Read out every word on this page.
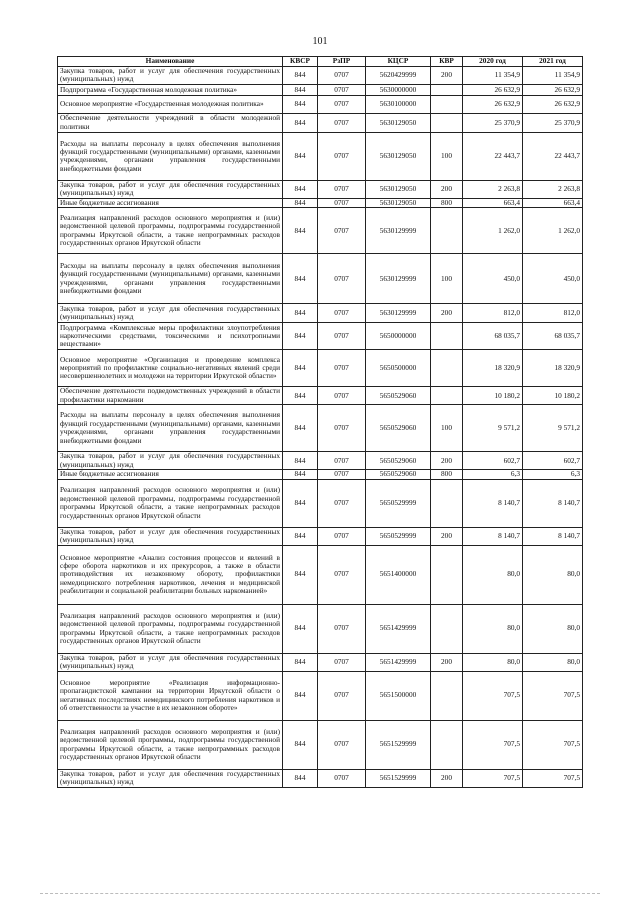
101
Наименование	КВСР	РзПР	КЦСР	КВР	2020 год	2021 год
Закупка товаров, работ и услуг для обеспечения государственных (муниципальных) нужд	844	0707	5620429999	200	11 354,9	11 354,9
Подпрограмма «Государственная молодежная политика»	844	0707	5630000000		26 632,9	26 632,9
Основное мероприятие «Государственная молодежная политика»	844	0707	5630100000		26 632,9	26 632,9
Обеспечение деятельности учреждений в области молодежной политики	844	0707	5630129050		25 370,9	25 370,9
Расходы на выплаты персоналу в целях обеспечения выполнения функций государственными (муниципальными) органами, казенными учреждениями, органами управления государственными внебюджетными фондами	844	0707	5630129050	100	22 443,7	22 443,7
Закупка товаров, работ и услуг для обеспечения государственных (муниципальных) нужд	844	0707	5630129050	200	2 263,8	2 263,8
Иные бюджетные ассигнования	844	0707	5630129050	800	663,4	663,4
Реализация направлений расходов основного мероприятия и (или) ведомственной целевой программы, подпрограммы государственной программы Иркутской области, а также непрограммных расходов государственных органов Иркутской области	844	0707	5630129999		1 262,0	1 262,0
Расходы на выплаты персоналу в целях обеспечения выполнения функций государственными (муниципальными) органами, казенными учреждениями, органами управления государственными внебюджетными фондами	844	0707	5630129999	100	450,0	450,0
Закупка товаров, работ и услуг для обеспечения государственных (муниципальных) нужд	844	0707	5630129999	200	812,0	812,0
Подпрограмма «Комплексные меры профилактики злоупотребления наркотическими средствами, токсическими и психотропными веществами»	844	0707	5650000000		68 035,7	68 035,7
Основное мероприятие «Организация и проведение комплекса мероприятий по профилактике социально-негативных явлений среди несовершеннолетних и молодежи на территории Иркутской области»	844	0707	5650500000		18 320,9	18 320,9
Обеспечение деятельности подведомственных учреждений в области профилактики наркомании	844	0707	5650529060		10 180,2	10 180,2
Расходы на выплаты персоналу в целях обеспечения выполнения функций государственными (муниципальными) органами, казенными учреждениями, органами управления государственными внебюджетными фондами	844	0707	5650529060	100	9 571,2	9 571,2
Закупка товаров, работ и услуг для обеспечения государственных (муниципальных) нужд	844	0707	5650529060	200	602,7	602,7
Иные бюджетные ассигнования	844	0707	5650529060	800	6,3	6,3
Реализация направлений расходов основного мероприятия и (или) ведомственной целевой программы, подпрограммы государственной программы Иркутской области, а также непрограммных расходов государственных органов Иркутской области	844	0707	5650529999		8 140,7	8 140,7
Закупка товаров, работ и услуг для обеспечения государственных (муниципальных) нужд	844	0707	5650529999	200	8 140,7	8 140,7
Основное мероприятие «Анализ состояния процессов и явлений в сфере оборота наркотиков и их прекурсоров, а также в области противодействия их незаконному обороту, профилактики немедицинского потребления наркотиков, лечения и медицинской реабилитации и социальной реабилитации больных наркоманией»	844	0707	5651400000		80,0	80,0
Реализация направлений расходов основного мероприятия и (или) ведомственной целевой программы, подпрограммы государственной программы Иркутской области, а также непрограммных расходов государственных органов Иркутской области	844	0707	5651429999		80,0	80,0
Закупка товаров, работ и услуг для обеспечения государственных (муниципальных) нужд	844	0707	5651429999	200	80,0	80,0
Основное мероприятие «Реализация информационно-пропагандистской кампании на территории Иркутской области о негативных последствиях немедицинского потребления наркотиков и об ответственности за участие в их незаконном обороте»	844	0707	5651500000		707,5	707,5
Реализация направлений расходов основного мероприятия и (или) ведомственной целевой программы, подпрограммы государственной программы Иркутской области, а также непрограммных расходов государственных органов Иркутской области	844	0707	5651529999		707,5	707,5
Закупка товаров, работ и услуг для обеспечения государственных (муниципальных) нужд	844	0707	5651529999	200	707,5	707,5
